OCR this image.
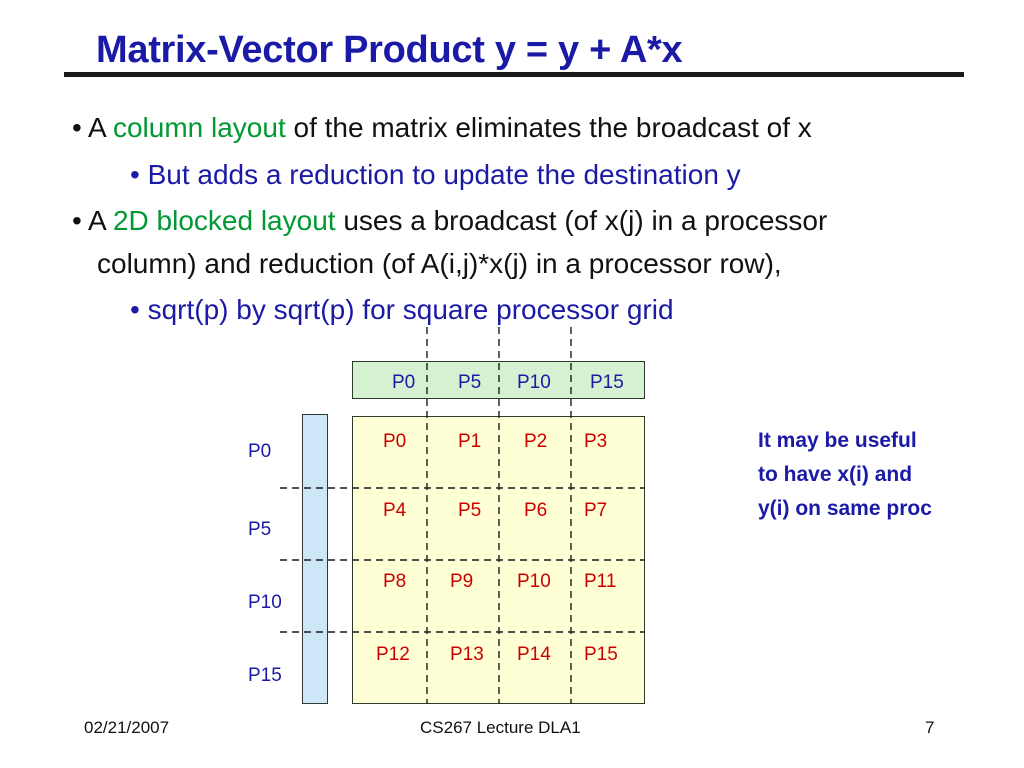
Matrix-Vector Product y = y + A*x
• A column layout of the matrix eliminates the broadcast of x
• But adds a reduction to update the destination y
• A 2D blocked layout uses a broadcast (of x(j) in a processor
column) and reduction (of A(i,j)*x(j) in a processor row),
• sqrt(p) by sqrt(p) for square processor grid
P0 P5 P10 P15
P0
P5
P10
P15
P0	P1 P2 P3
P4	P5 P6 P7
P8 P9 P10 P11
P12 P13 P14 P15
It may be useful
to have x(i) and
y(i) on same proc
02/21/2007	CS267 Lecture DLA1	7
